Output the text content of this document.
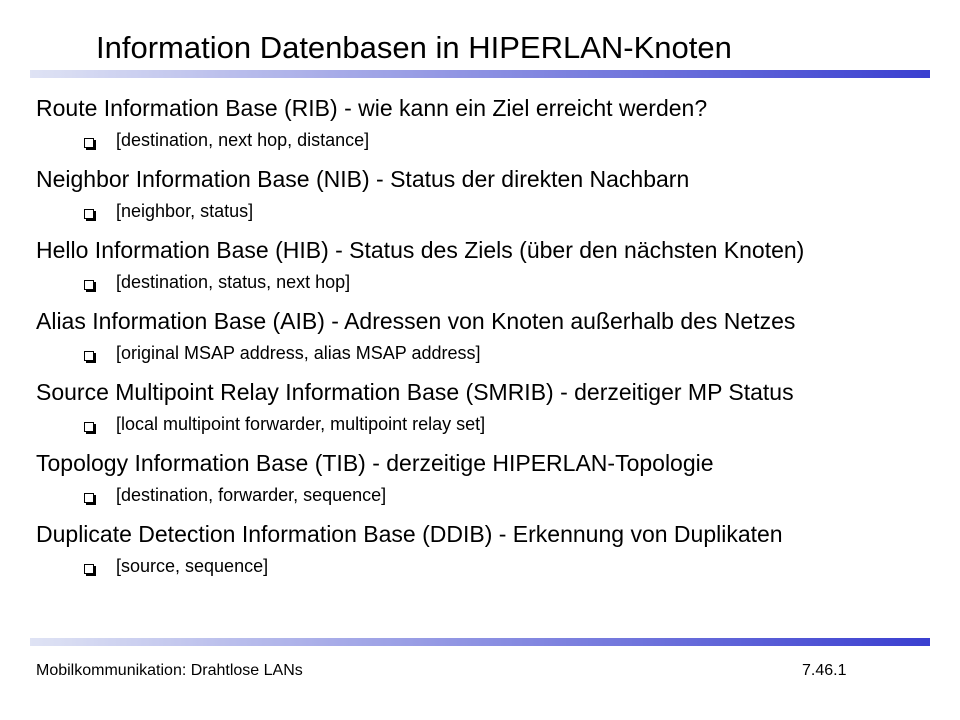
Information Datenbasen in HIPERLAN-Knoten
Route Information Base (RIB) - wie kann ein Ziel erreicht werden?
[destination, next hop, distance]
Neighbor Information Base (NIB) - Status der direkten Nachbarn
[neighbor, status]
Hello Information Base (HIB) - Status des Ziels (über den nächsten Knoten)
[destination, status, next hop]
Alias Information Base (AIB) - Adressen von Knoten außerhalb des Netzes
[original MSAP address, alias MSAP address]
Source Multipoint Relay Information Base (SMRIB) - derzeitiger MP Status
[local multipoint forwarder, multipoint relay set]
Topology Information Base (TIB) - derzeitige HIPERLAN-Topologie
[destination, forwarder, sequence]
Duplicate Detection Information Base (DDIB) - Erkennung von Duplikaten
[source, sequence]
Mobilkommunikation: Drahtlose LANs	7.46.1
